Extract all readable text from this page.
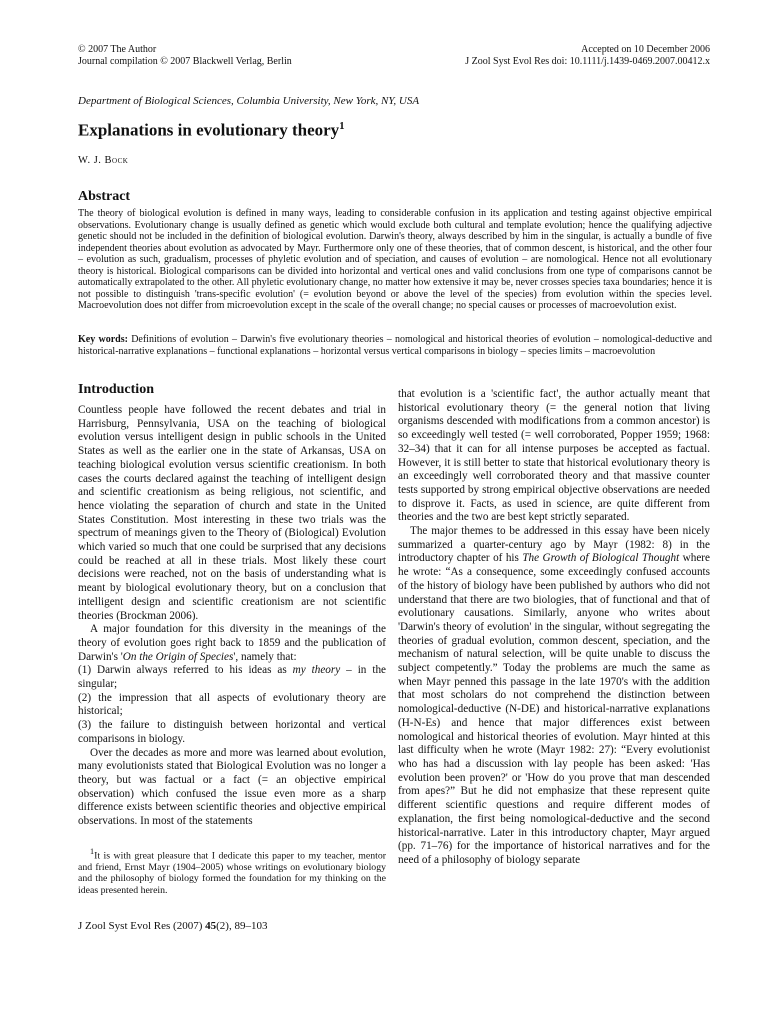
© 2007 The Author
Journal compilation © 2007 Blackwell Verlag, Berlin
Accepted on 10 December 2006
J Zool Syst Evol Res doi: 10.1111/j.1439-0469.2007.00412.x
Department of Biological Sciences, Columbia University, New York, NY, USA
Explanations in evolutionary theory$^1$
W. J. Bock
Abstract
The theory of biological evolution is defined in many ways, leading to considerable confusion in its application and testing against objective empirical observations. Evolutionary change is usually defined as genetic which would exclude both cultural and template evolution; hence the qualifying adjective genetic should not be included in the definition of biological evolution. Darwin's theory, always described by him in the singular, is actually a bundle of five independent theories about evolution as advocated by Mayr. Furthermore only one of these theories, that of common descent, is historical, and the other four – evolution as such, gradualism, processes of phyletic evolution and of speciation, and causes of evolution – are nomological. Hence not all evolutionary theory is historical. Biological comparisons can be divided into horizontal and vertical ones and valid conclusions from one type of comparisons cannot be automatically extrapolated to the other. All phyletic evolutionary change, no matter how extensive it may be, never crosses species taxa boundaries; hence it is not possible to distinguish 'trans-specific evolution' (= evolution beyond or above the level of the species) from evolution within the species level. Macroevolution does not differ from microevolution except in the scale of the overall change; no special causes or processes of macroevolution exist.
Key words: Definitions of evolution – Darwin's five evolutionary theories – nomological and historical theories of evolution – nomological-deductive and historical-narrative explanations – functional explanations – horizontal versus vertical comparisons in biology – species limits – macroevolution
Introduction

Countless people have followed the recent debates and trial in Harrisburg, Pennsylvania, USA on the teaching of biological evolution versus intelligent design in public schools in the United States as well as the earlier one in the state of Arkansas, USA on teaching biological evolution versus scientific creationism. In both cases the courts declared against the teaching of intelligent design and scientific creationism as being religious, not scientific, and hence violating the separation of church and state in the United States Constitution. Most interesting in these two trials was the spectrum of meanings given to the Theory of (Biological) Evolution which varied so much that one could be surprised that any decisions could be reached at all in these trials. Most likely these court decisions were reached, not on the basis of understanding what is meant by biological evolutionary theory, but on a conclusion that intelligent design and scientific creationism are not scientific theories (Brockman 2006).

A major foundation for this diversity in the meanings of the theory of evolution goes right back to 1859 and the publication of Darwin's 'On the Origin of Species', namely that:

(1) Darwin always referred to his ideas as my theory – in the singular;

(2) the impression that all aspects of evolutionary theory are historical;

(3) the failure to distinguish between horizontal and vertical comparisons in biology.

Over the decades as more and more was learned about evolution, many evolutionists stated that Biological Evolution was no longer a theory, but was factual or a fact (= an objective empirical observation) which confused the issue even more as a sharp difference exists between scientific theories and objective empirical observations. In most of the statements

$^1$It is with great pleasure that I dedicate this paper to my teacher, mentor and friend, Ernst Mayr (1904–2005) whose writings on evolutionary biology and the philosophy of biology formed the foundation for my thinking on the ideas presented herein.

that evolution is a 'scientific fact', the author actually meant that historical evolutionary theory (= the general notion that living organisms descended with modifications from a common ancestor) is so exceedingly well tested (= well corroborated, Popper 1959; 1968: 32–34) that it can for all intense purposes be accepted as factual. However, it is still better to state that historical evolutionary theory is an exceedingly well corroborated theory and that massive counter tests supported by strong empirical objective observations are needed to disprove it. Facts, as used in science, are quite different from theories and the two are best kept strictly separated.

The major themes to be addressed in this essay have been nicely summarized a quarter-century ago by Mayr (1982: 8) in the introductory chapter of his The Growth of Biological Thought where he wrote: “As a consequence, some exceedingly confused accounts of the history of biology have been published by authors who did not understand that there are two biologies, that of functional and that of evolutionary causations. Similarly, anyone who writes about 'Darwin's theory of evolution' in the singular, without segregating the theories of gradual evolution, common descent, speciation, and the mechanism of natural selection, will be quite unable to discuss the subject competently.” Today the problems are much the same as when Mayr penned this passage in the late 1970's with the addition that most scholars do not comprehend the distinction between nomological-deductive (N-DE) and historical-narrative explanations (H-N-Es) and hence that major differences exist between nomological and historical theories of evolution. Mayr hinted at this last difficulty when he wrote (Mayr 1982: 27): “Every evolutionist who has had a discussion with lay people has been asked: 'Has evolution been proven?' or 'How do you prove that man descended from apes?” But he did not emphasize that these represent quite different scientific questions and require different modes of explanation, the first being nomological-deductive and the second historical-narrative. Later in this introductory chapter, Mayr argued (pp. 71–76) for the importance of historical narratives and for the need of a philosophy of biology separate

J Zool Syst Evol Res (2007) 45(2), 89–103
